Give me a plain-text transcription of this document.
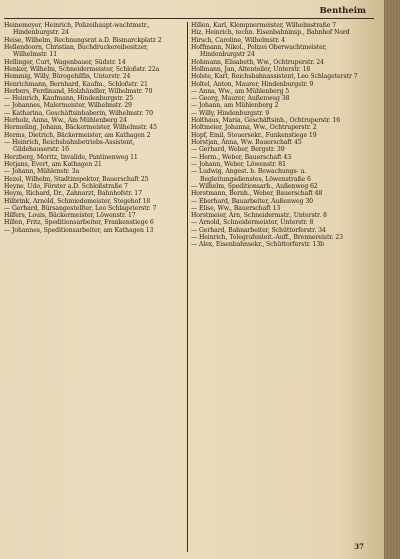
Bentheim
Heinemeyer, Heinrich, Polizeihaupt-wachtmstr., Hindenburgstr. 24
Heise, Wilhelm, Rechnungsrat a.D. Bismarckplatz 2
Hellendoorn, Christian, Buchdruckereibesitzer, Wilhelmstr. 11
Hellinger, Curt, Wagenbauer, Südstr. 14
Henker, Wilhelm, Schneidermeister, Schloßstr. 22a
Hemmig, Willy, Bürogehilfin, Unterstr. 24
Henrichmann, Bernhard, Kaufm., Schloßstr. 21
Herbers, Ferdinand, Holzhändler, Wilhelmstr. 70
— Heinrich, Kaufmann, Hindenburgstr. 25
— Johannes, Malermeister, Wilhelmstr. 29
— Katharina, Geschäftsinhaberin, Wilhelmstr. 70
Herholz, Anna, Ww., Am Mühlenberg 24
Hermeling, Johann, Bäckermeister, Wilhelmstr. 45
Herms, Dietrich, Bäckermeister, am Kathagen 2
— Heinrich, Reichsbahnbetriebs-Assistent, Gildehauserstr. 16
Herzberg, Moritz, Invalide, Pantinenweg 11
Hetjans, Evert, am Kathagen 21
— Johann, Mühlenstr. 3a
Hezel, Wilhelm, Stadtinspektor, Bauerschaft 25
Heyne, Udo, Förster a.D. Schloßstraße 7
Heym, Richard, Dr., Zahnarzt, Bahnhofstr. 17
Hilbrink, Arnold, Schmiedemeister, Stegehof 18
— Gerhard, Bürsangestellter, Leo Schlageterstr. 7
Hilfers, Louis, Bäckermeister, Löwenstr. 17
Hillen, Fritz, Speditionsarbeiter, Frankenstiege 6
— Johannes, Speditionsarbeiter, am Kathagen 13
Hillen, Karl, Klempnermeister, Wilhelmstraße 7
Hiz, Heinrich, techn. Eisenbahninsp., Bahnhof Nord
Hirsch, Caroline, Wilhelmstr. 4
Hoffmann, Nikol., Polizei Oberwachtmeister, Hindenburgstr 24
Hohmann, Elisabeth, Ww., Ochtruperstr. 24
Hollmann, Jan, Altenteiler, Unterstr. 18
Holste, Karl, Reichsbahnassistent, Leo Schlageterstr 7
Holtel, Anton, Maurer, Hindenburgstr. 9
— Anna, Ww., am Mühlenberg 5
— Georg, Maurer, Außenweg 38
— Johann, am Mühlenberg 2
— Willy, Hindenburgstr. 9
Holthaus, Maria, Geschäftsinh., Ochtruperstr. 16
Holtmeier, Johanna, Ww., Ochtruperstr. 2
Hopf, Emil, Steuersekr., Funkenstiege 19
Horstjan, Anna, Ww. Bauerschaft 45
— Gerhard, Weber, Bergstr. 39
— Herm., Weber, Bauerschaft 43
— Johann, Weber, Löwenstr. 81
— Ludwig, Angest. b. Bewachungs- u. Begleitungsdienstes, Löwenstraße 6
— Wilhelm, Speditionsarb., Außenweg 62
Horstmann, Bernh., Weber, Bauerschaft 48
— Eberhard, Bauarbeiter, Außenweg 30
— Elise, Ww., Bauerschaft 13
Horstmeier, Arn, Schneidermstr., Unterstr. 8
— Arnold, Schneidermeister, Unterstr. 8
— Gerhard, Bahnarbeiter, Schüttorferstr. 34
— Heinrich, Telegrafenleit.-Auff., Brennereistr. 23
— Alex, Eisenbahnsekr., Schüttorferstr. 13b
37
